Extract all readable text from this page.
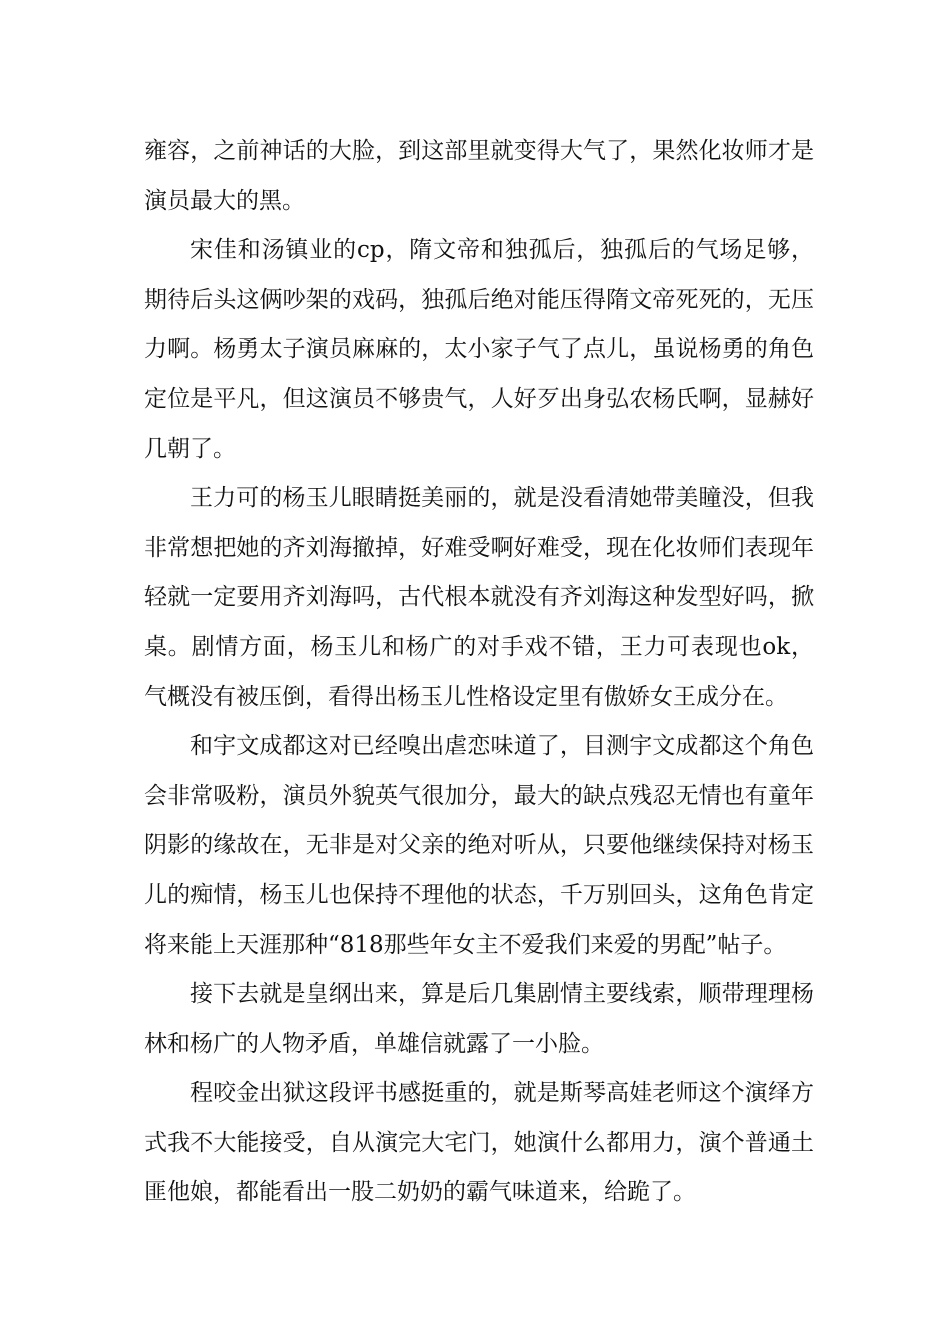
雍容，之前神话的大脸，到这部里就变得大气了，果然化妆师才是演员最大的黑。

宋佳和汤镇业的cp，隋文帝和独孤后，独孤后的气场足够，期待后头这俩吵架的戏码，独孤后绝对能压得隋文帝死死的，无压力啊。杨勇太子演员麻麻的，太小家子气了点儿，虽说杨勇的角色定位是平凡，但这演员不够贵气，人好歹出身弘农杨氏啊，显赫好几朝了。

王力可的杨玉儿眼睛挺美丽的，就是没看清她带美瞳没，但我非常想把她的齐刘海撤掉，好难受啊好难受，现在化妆师们表现年轻就一定要用齐刘海吗，古代根本就没有齐刘海这种发型好吗，掀桌。剧情方面，杨玉儿和杨广的对手戏不错，王力可表现也ok，气概没有被压倒，看得出杨玉儿性格设定里有傲娇女王成分在。

和宇文成都这对已经嗅出虐恋味道了，目测宇文成都这个角色会非常吸粉，演员外貌英气很加分，最大的缺点残忍无情也有童年阴影的缘故在，无非是对父亲的绝对听从，只要他继续保持对杨玉儿的痴情，杨玉儿也保持不理他的状态，千万别回头，这角色肯定将来能上天涯那种“818那些年女主不爱我们来爱的男配”帖子。

接下去就是皇纲出来，算是后几集剧情主要线索，顺带理理杨林和杨广的人物矛盾，单雄信就露了一小脸。

程咬金出狱这段评书感挺重的，就是斯琴高娃老师这个演绎方式我不大能接受，自从演完大宅门，她演什么都用力，演个普通土匪他娘，都能看出一股二奶奶的霸气味道来，给跪了。
